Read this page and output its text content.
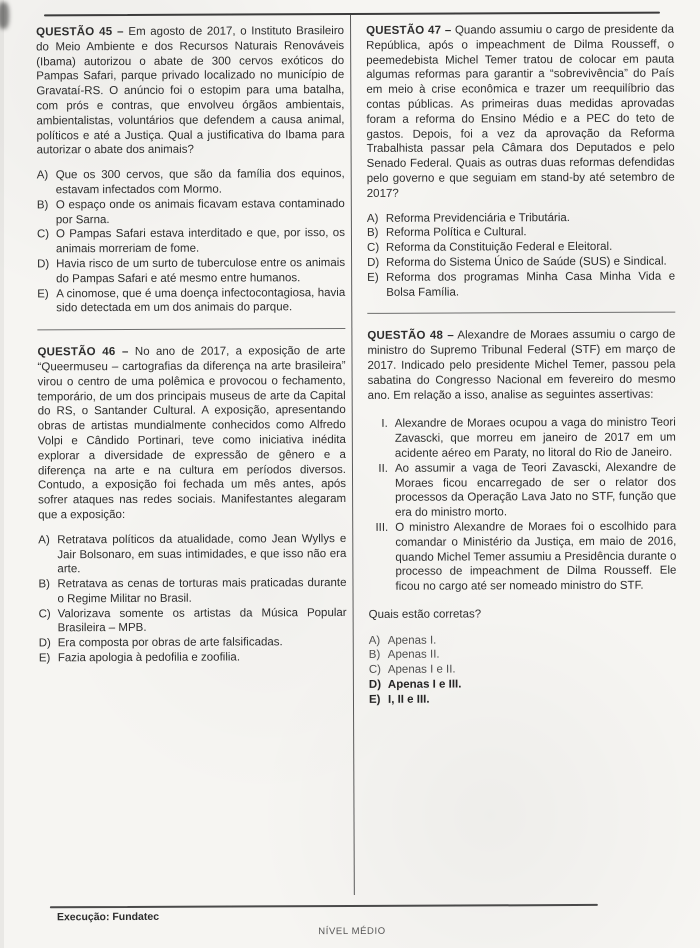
QUESTÃO 45 – Em agosto de 2017, o Instituto Brasileiro do Meio Ambiente e dos Recursos Naturais Renováveis (Ibama) autorizou o abate de 300 cervos exóticos do Pampas Safari, parque privado localizado no município de Gravataí-RS. O anúncio foi o estopim para uma batalha, com prós e contras, que envolveu órgãos ambientais, ambientalistas, voluntários que defendem a causa animal, políticos e até a Justiça. Qual a justificativa do Ibama para autorizar o abate dos animais?

A) Que os 300 cervos, que são da família dos equinos, estavam infectados com Mormo.
B) O espaço onde os animais ficavam estava contaminado por Sarna.
C) O Pampas Safari estava interditado e que, por isso, os animais morreriam de fome.
D) Havia risco de um surto de tuberculose entre os animais do Pampas Safari e até mesmo entre humanos.
E) A cinomose, que é uma doença infectocontagiosa, havia sido detectada em um dos animais do parque.

QUESTÃO 46 – No ano de 2017, a exposição de arte “Queermuseu – cartografias da diferença na arte brasileira” virou o centro de uma polêmica e provocou o fechamento, temporário, de um dos principais museus de arte da Capital do RS, o Santander Cultural. A exposição, apresentando obras de artistas mundialmente conhecidos como Alfredo Volpi e Cândido Portinari, teve como iniciativa inédita explorar a diversidade de expressão de gênero e a diferença na arte e na cultura em períodos diversos. Contudo, a exposição foi fechada um mês antes, após sofrer ataques nas redes sociais. Manifestantes alegaram que a exposição:

A) Retratava políticos da atualidade, como Jean Wyllys e Jair Bolsonaro, em suas intimidades, e que isso não era arte.
B) Retratava as cenas de torturas mais praticadas durante o Regime Militar no Brasil.
C) Valorizava somente os artistas da Música Popular Brasileira – MPB.
D) Era composta por obras de arte falsificadas.
E) Fazia apologia à pedofilia e zoofilia.

QUESTÃO 47 – Quando assumiu o cargo de presidente da República, após o impeachment de Dilma Rousseff, o peemedebista Michel Temer tratou de colocar em pauta algumas reformas para garantir a “sobrevivência” do País em meio à crise econômica e trazer um reequilíbrio das contas públicas. As primeiras duas medidas aprovadas foram a reforma do Ensino Médio e a PEC do teto de gastos. Depois, foi a vez da aprovação da Reforma Trabalhista passar pela Câmara dos Deputados e pelo Senado Federal. Quais as outras duas reformas defendidas pelo governo e que seguiam em stand-by até setembro de 2017?

A) Reforma Previdenciária e Tributária.
B) Reforma Política e Cultural.
C) Reforma da Constituição Federal e Eleitoral.
D) Reforma do Sistema Único de Saúde (SUS) e Sindical.
E) Reforma dos programas Minha Casa Minha Vida e Bolsa Família.

QUESTÃO 48 – Alexandre de Moraes assumiu o cargo de ministro do Supremo Tribunal Federal (STF) em março de 2017. Indicado pelo presidente Michel Temer, passou pela sabatina do Congresso Nacional em fevereiro do mesmo ano. Em relação a isso, analise as seguintes assertivas:

I. Alexandre de Moraes ocupou a vaga do ministro Teori Zavascki, que morreu em janeiro de 2017 em um acidente aéreo em Paraty, no litoral do Rio de Janeiro.
II. Ao assumir a vaga de Teori Zavascki, Alexandre de Moraes ficou encarregado de ser o relator dos processos da Operação Lava Jato no STF, função que era do ministro morto.
III. O ministro Alexandre de Moraes foi o escolhido para comandar o Ministério da Justiça, em maio de 2016, quando Michel Temer assumiu a Presidência durante o processo de impeachment de Dilma Rousseff. Ele ficou no cargo até ser nomeado ministro do STF.

Quais estão corretas?

A) Apenas I.
B) Apenas II.
C) Apenas I e II.
D) Apenas I e III.
E) I, II e III.
Execução: Fundatec
NÍVEL MÉDIO
